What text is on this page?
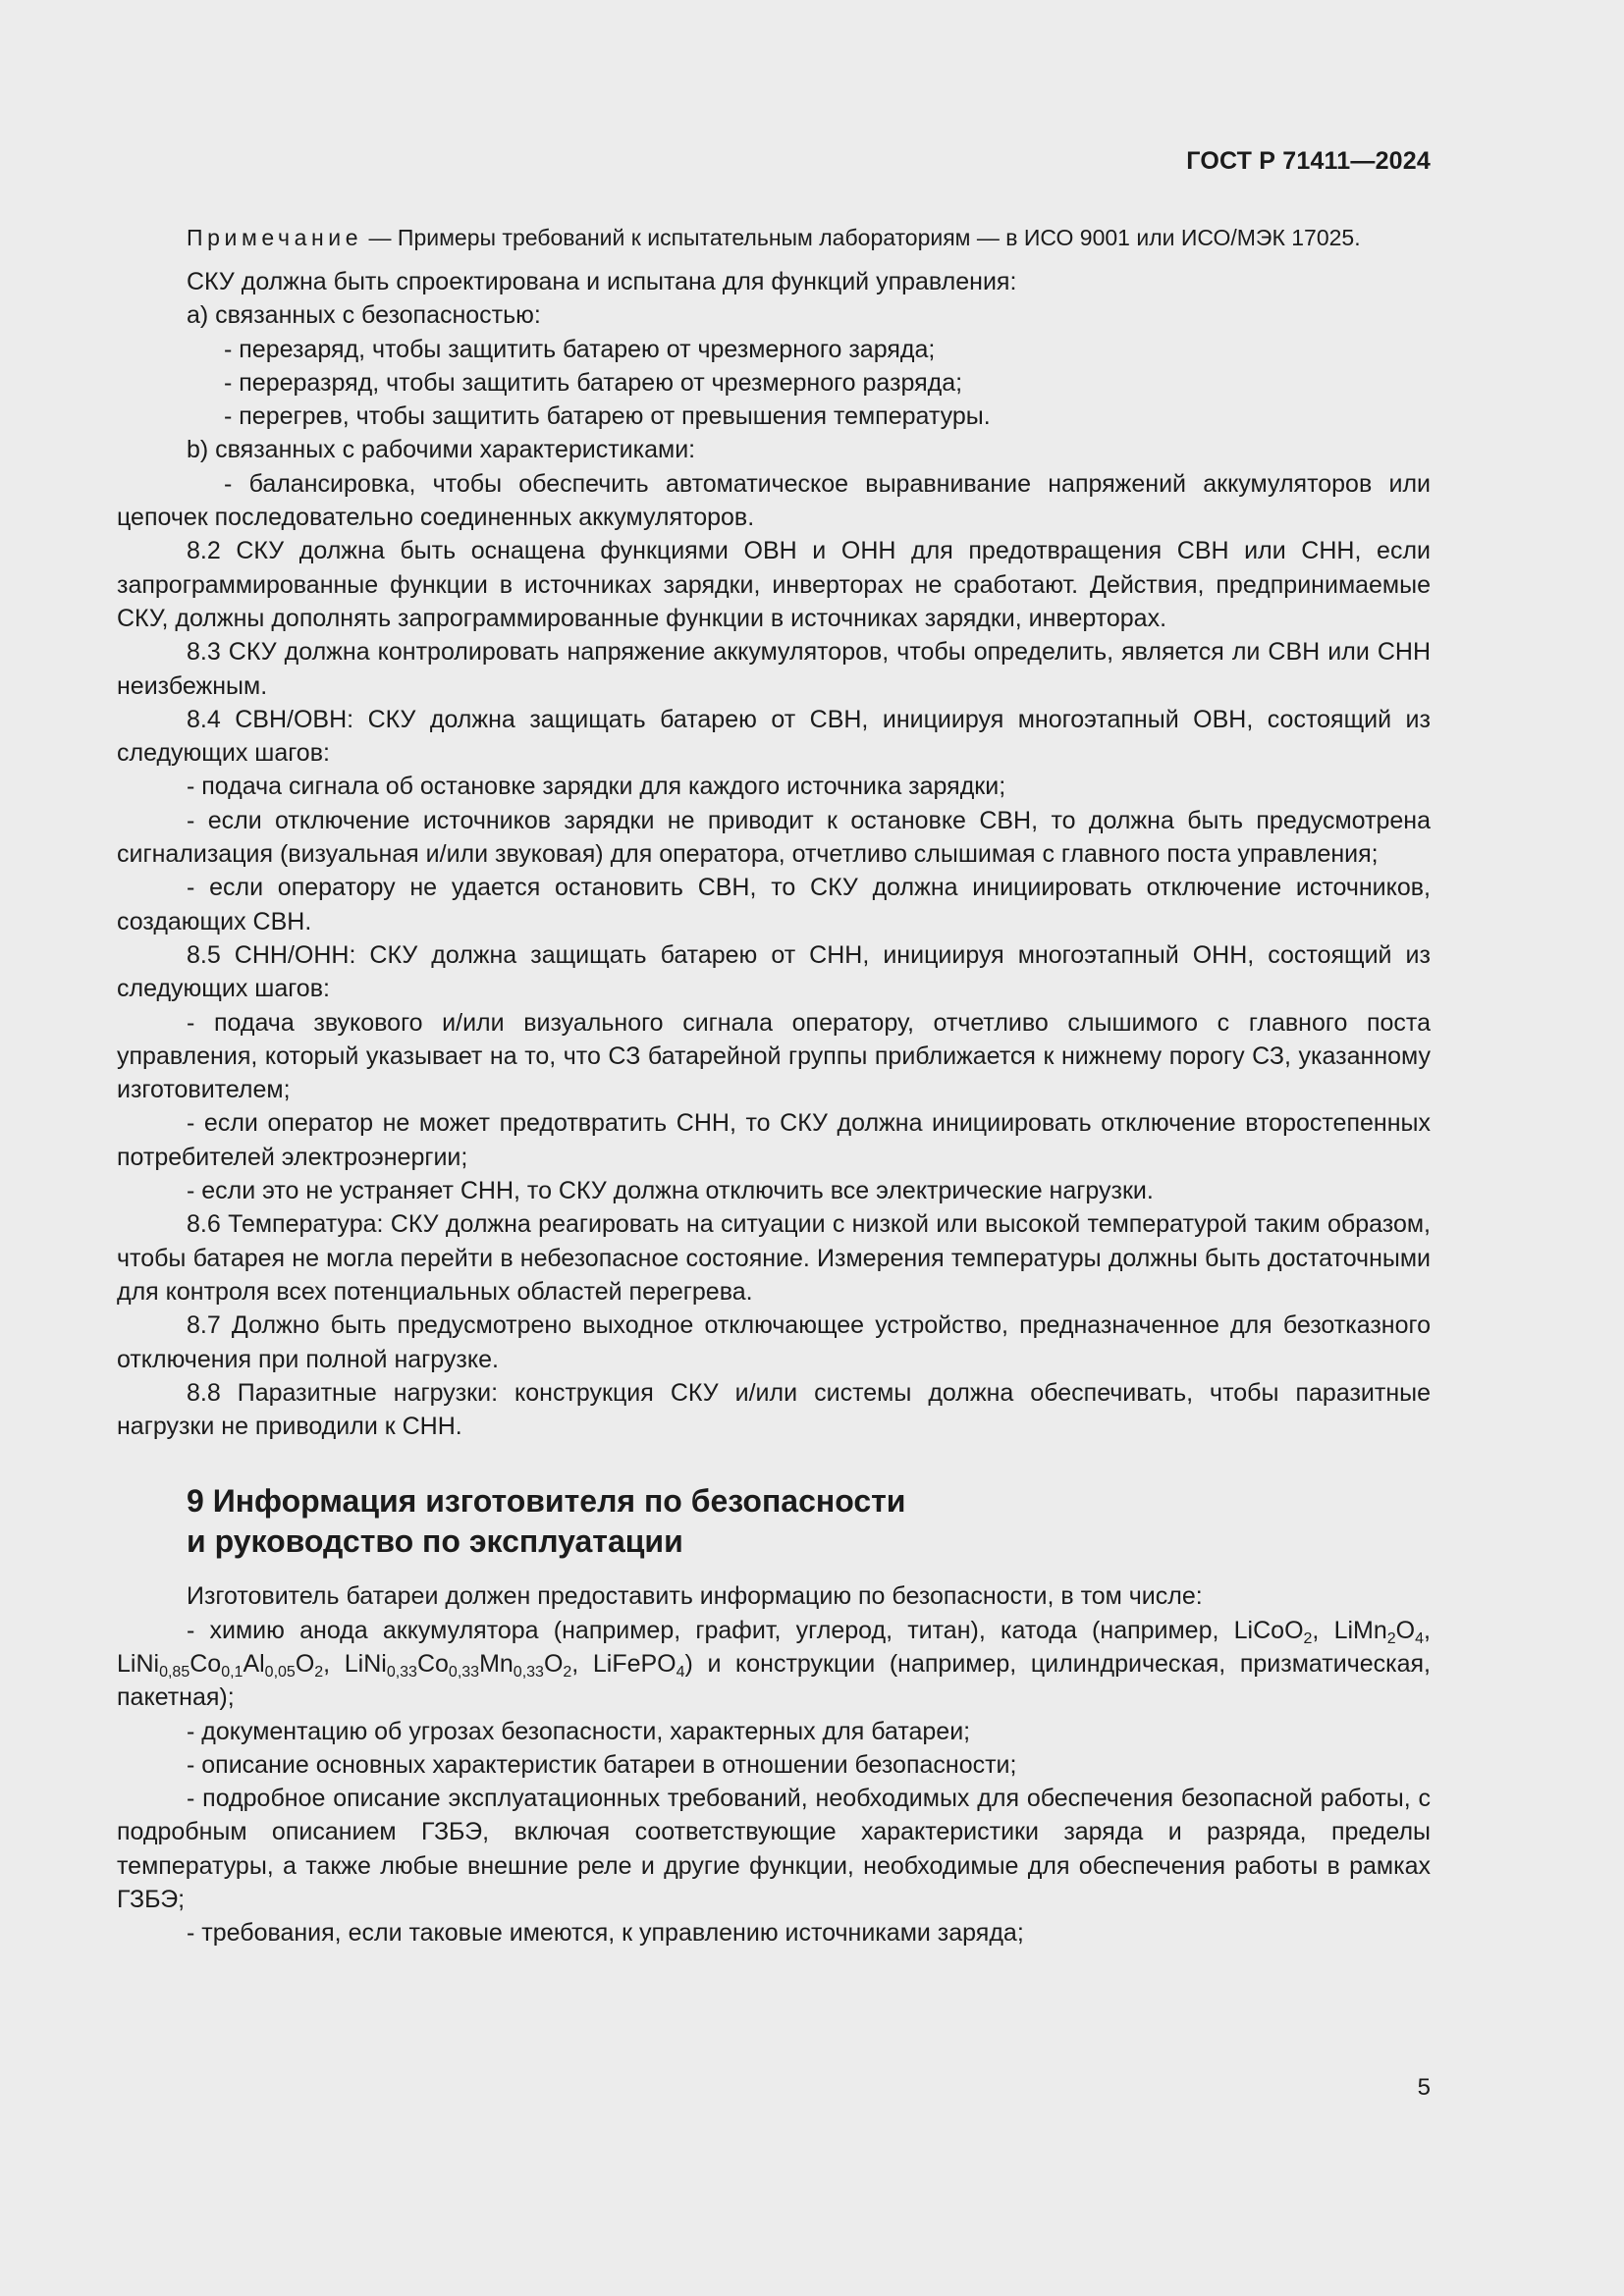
ГОСТ Р 71411—2024

Примечание — Примеры требований к испытательным лабораториям — в ИСО 9001 или ИСО/МЭК 17025.

СКУ должна быть спроектирована и испытана для функций управления:

a) связанных с безопасностью:

- перезаряд, чтобы защитить батарею от чрезмерного заряда;

- переразряд, чтобы защитить батарею от чрезмерного разряда;

- перегрев, чтобы защитить батарею от превышения температуры.

b) связанных с рабочими характеристиками:

- балансировка, чтобы обеспечить автоматическое выравнивание напряжений аккумуляторов или цепочек последовательно соединенных аккумуляторов.

8.2 СКУ должна быть оснащена функциями ОВН и ОНН для предотвращения СВН или СНН, если запрограммированные функции в источниках зарядки, инверторах не сработают. Действия, предпринимаемые СКУ, должны дополнять запрограммированные функции в источниках зарядки, инверторах.

8.3 СКУ должна контролировать напряжение аккумуляторов, чтобы определить, является ли СВН или СНН неизбежным.

8.4 СВН/ОВН: СКУ должна защищать батарею от СВН, инициируя многоэтапный ОВН, состоящий из следующих шагов:

- подача сигнала об остановке зарядки для каждого источника зарядки;

- если отключение источников зарядки не приводит к остановке СВН, то должна быть предусмотрена сигнализация (визуальная и/или звуковая) для оператора, отчетливо слышимая с главного поста управления;

- если оператору не удается остановить СВН, то СКУ должна инициировать отключение источников, создающих СВН.

8.5 СНН/ОНН: СКУ должна защищать батарею от СНН, инициируя многоэтапный ОНН, состоящий из следующих шагов:

- подача звукового и/или визуального сигнала оператору, отчетливо слышимого с главного поста управления, который указывает на то, что СЗ батарейной группы приближается к нижнему порогу СЗ, указанному изготовителем;

- если оператор не может предотвратить СНН, то СКУ должна инициировать отключение второстепенных потребителей электроэнергии;

- если это не устраняет СНН, то СКУ должна отключить все электрические нагрузки.

8.6 Температура: СКУ должна реагировать на ситуации с низкой или высокой температурой таким образом, чтобы батарея не могла перейти в небезопасное состояние. Измерения температуры должны быть достаточными для контроля всех потенциальных областей перегрева.

8.7 Должно быть предусмотрено выходное отключающее устройство, предназначенное для безотказного отключения при полной нагрузке.

8.8 Паразитные нагрузки: конструкция СКУ и/или системы должна обеспечивать, чтобы паразитные нагрузки не приводили к СНН.

9 Информация изготовителя по безопасности
и руководство по эксплуатации

Изготовитель батареи должен предоставить информацию по безопасности, в том числе:

- химию анода аккумулятора (например, графит, углерод, титан), катода (например, LiCoO$_2$, $LiMn_2O_4$, $LiNi_{0,85}Co_{0,1}Al_{0,05}O_2$, $LiNi_{0,33}Co_{0,33}Mn_{0,33}O_2$, LiFePO$_4$) и конструкции (например, цилиндрическая, призматическая, пакетная);

- документацию об угрозах безопасности, характерных для батареи;

- описание основных характеристик батареи в отношении безопасности;

- подробное описание эксплуатационных требований, необходимых для обеспечения безопасной работы, с подробным описанием ГЗБЭ, включая соответствующие характеристики заряда и разряда, пределы температуры, а также любые внешние реле и другие функции, необходимые для обеспечения работы в рамках ГЗБЭ;

- требования, если таковые имеются, к управлению источниками заряда;

5
